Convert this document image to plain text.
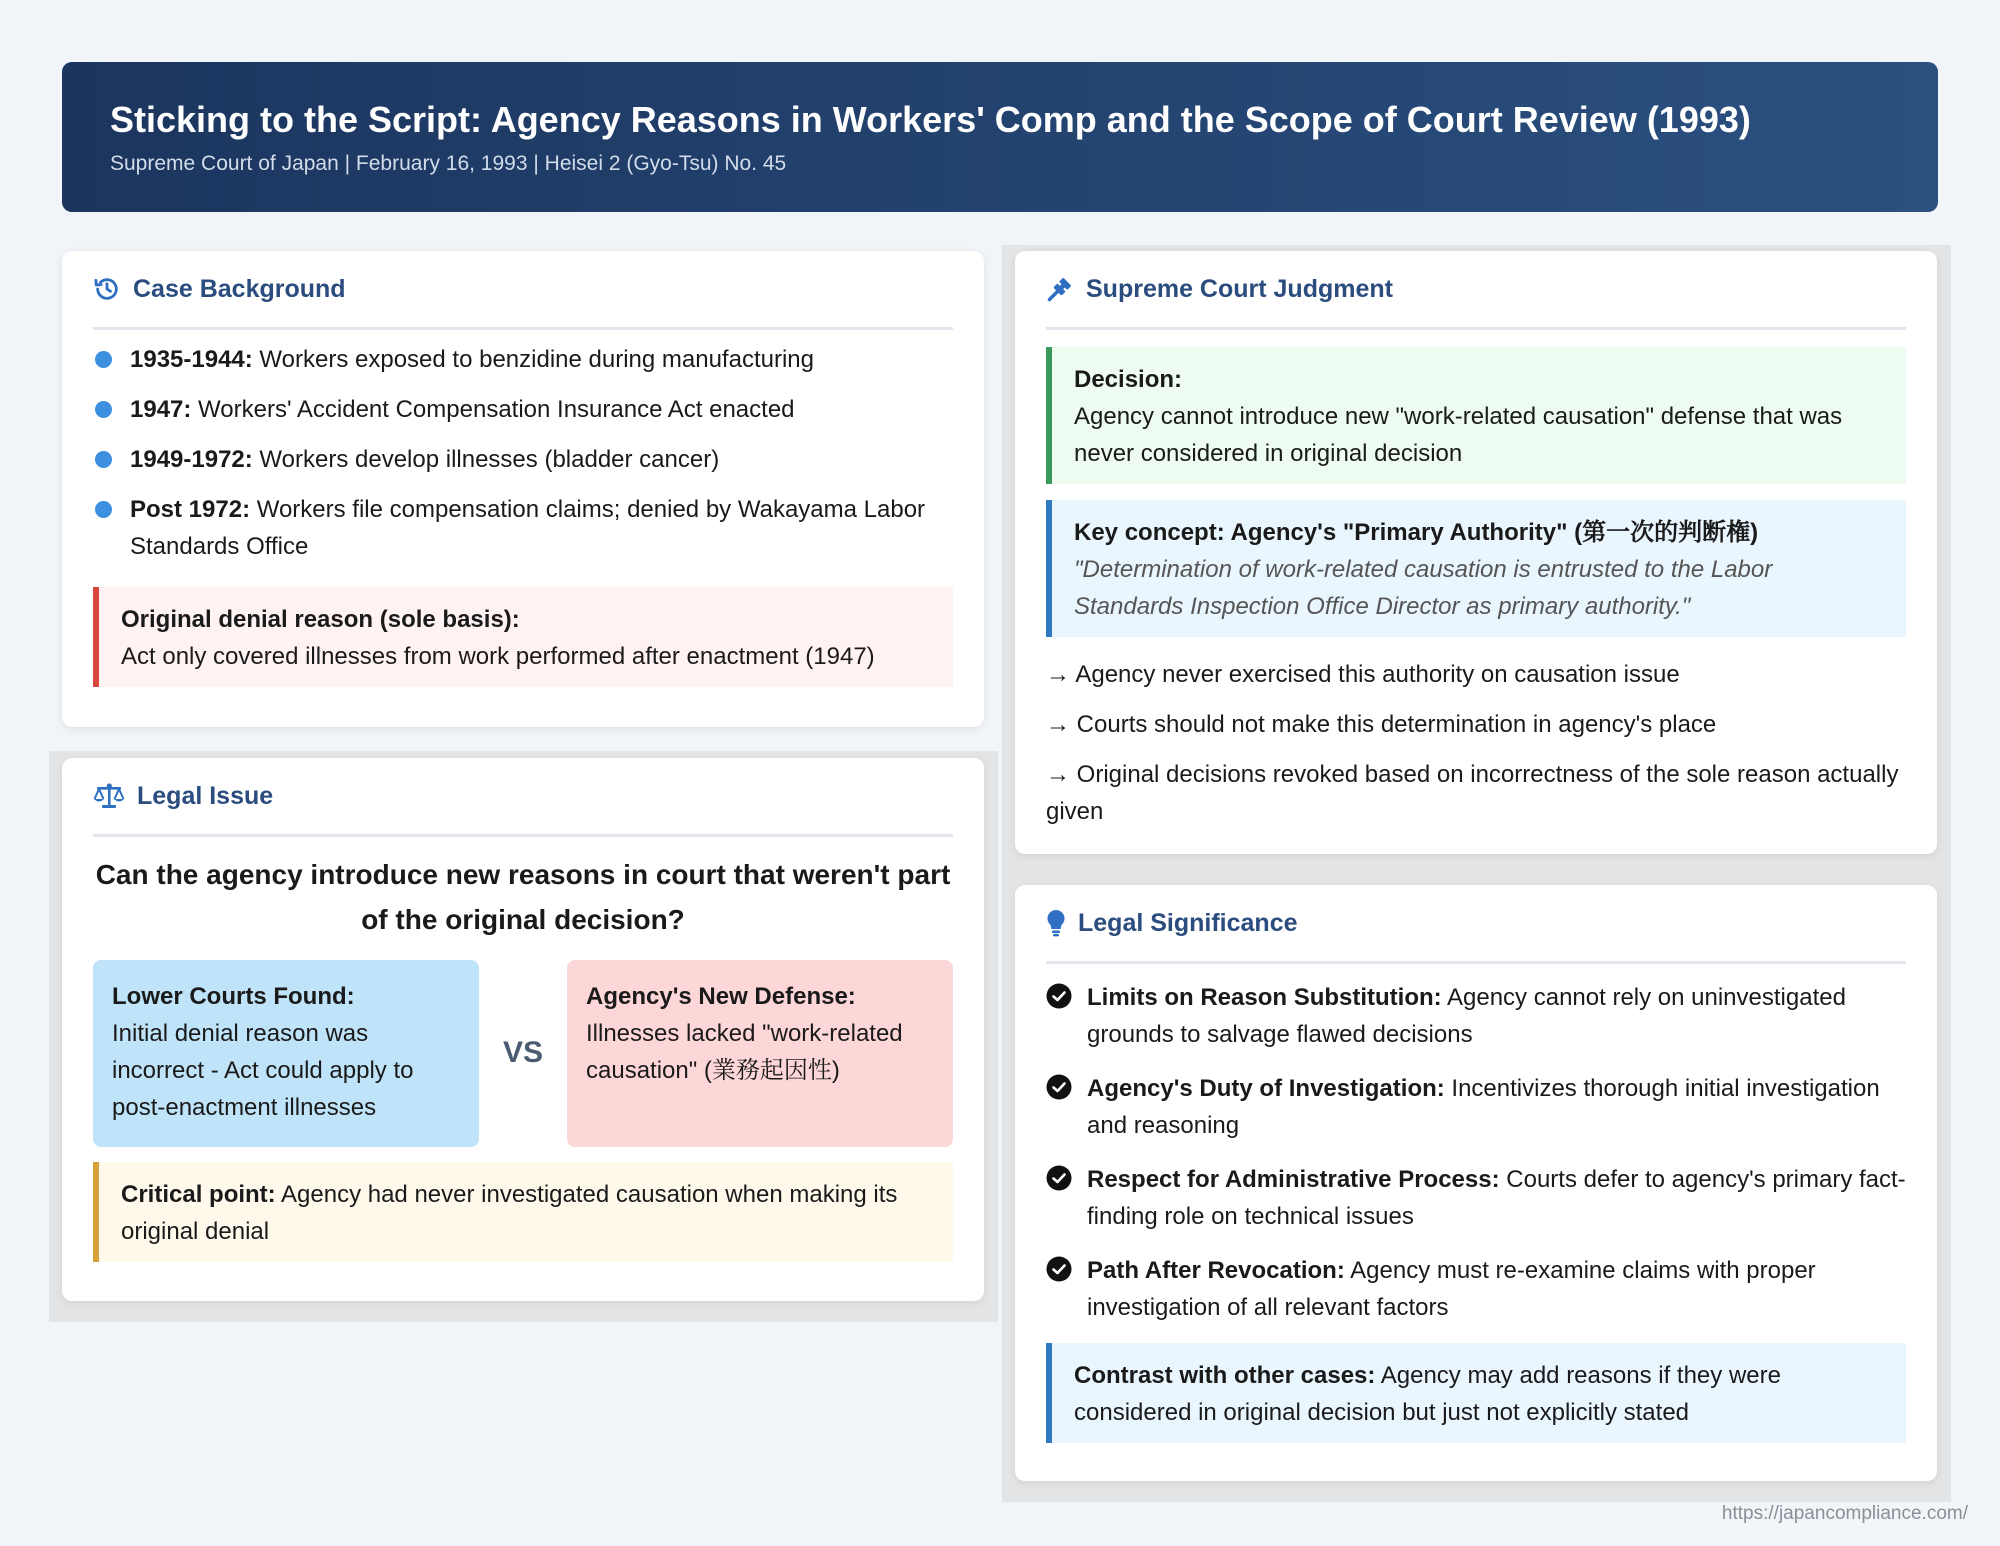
Sticking to the Script: Agency Reasons in Workers' Comp and the Scope of Court Review (1993)
Supreme Court of Japan | February 16, 1993 | Heisei 2 (Gyo-Tsu) No. 45
Case Background
1935-1944: Workers exposed to benzidine during manufacturing
1947: Workers' Accident Compensation Insurance Act enacted
1949-1972: Workers develop illnesses (bladder cancer)
Post 1972: Workers file compensation claims; denied by Wakayama Labor Standards Office
Original denial reason (sole basis):
Act only covered illnesses from work performed after enactment (1947)
Legal Issue
Can the agency introduce new reasons in court that weren't part of the original decision?
Lower Courts Found:
Initial denial reason was incorrect - Act could apply to post-enactment illnesses
VS
Agency's New Defense:
Illnesses lacked "work-related causation" (業務起因性)
Critical point: Agency had never investigated causation when making its original denial
Supreme Court Judgment
Decision:
Agency cannot introduce new "work-related causation" defense that was never considered in original decision
Key concept: Agency's "Primary Authority" (第一次的判断権)
"Determination of work-related causation is entrusted to the Labor Standards Inspection Office Director as primary authority."
→ Agency never exercised this authority on causation issue
→ Courts should not make this determination in agency's place
→ Original decisions revoked based on incorrectness of the sole reason actually given
Legal Significance
Limits on Reason Substitution: Agency cannot rely on uninvestigated grounds to salvage flawed decisions
Agency's Duty of Investigation: Incentivizes thorough initial investigation and reasoning
Respect for Administrative Process: Courts defer to agency's primary fact-finding role on technical issues
Path After Revocation: Agency must re-examine claims with proper investigation of all relevant factors
Contrast with other cases: Agency may add reasons if they were considered in original decision but just not explicitly stated
https://japancompliance.com/
